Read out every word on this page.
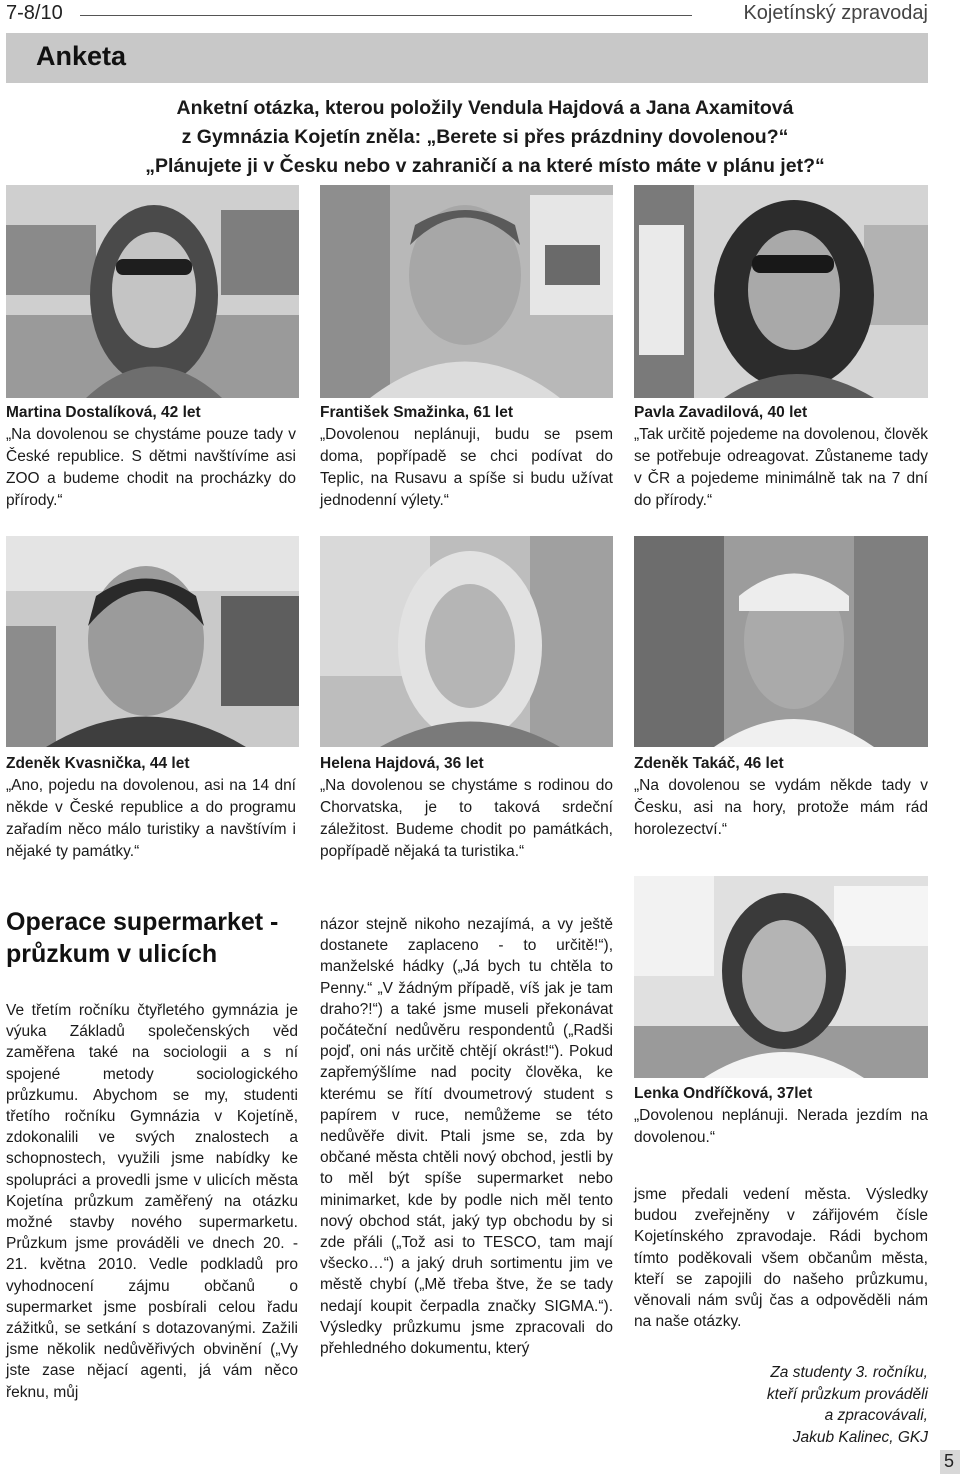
7-8/10	Kojetínský zpravodaj
Anketa
Anketní otázka, kterou položily Vendula Hajdová a Jana Axamitová
z Gymnázia Kojetín zněla: „Berete si přes prázdniny dovolenou?“
„Plánujete ji v Česku nebo v zahraničí a na které místo máte v plánu jet?“
Martina Dostalíková, 42 let
„Na dovolenou se chystáme pouze tady v České republice. S dětmi navštívíme asi ZOO a budeme chodit na procházky do přírody.“
František Smažinka, 61 let
„Dovolenou neplánuji, budu se psem doma, popřípadě se chci podívat do Teplic, na Rusavu a spíše si budu užívat jednodenní výlety.“
Pavla Zavadilová, 40 let
„Tak určitě pojedeme na dovolenou, člověk se potřebuje odreagovat. Zůstaneme tady v ČR a pojedeme minimálně tak na 7 dní do přírody.“
Zdeněk Kvasnička, 44 let
„Ano, pojedu na dovolenou, asi na 14 dní někde v České republice a do programu zařadím něco málo turistiky a navštívím i nějaké ty památky.“
Helena Hajdová, 36 let
„Na dovolenou se chystáme s rodinou do Chorvatska, je to taková srdeční záležitost. Budeme chodit po památkách, popřípadě nějaká ta turistika.“
Zdeněk Takáč, 46 let
„Na dovolenou se vydám někde tady v Česku, asi na hory, protože mám rád horolezectví.“
Lenka Ondříčková, 37let
„Dovolenou neplánuji. Nerada jezdím na dovolenou.“
Operace supermarket - průzkum v ulicích
Ve třetím ročníku čtyřletého gymnázia je výuka Základů společenských věd zaměřena také na sociologii a s ní spojené metody sociologického průzkumu. Abychom se my, studenti třetího ročníku Gymnázia v Kojetíně, zdokonalili ve svých znalostech a schopnostech, využili jsme nabídky ke spolupráci a provedli jsme v ulicích města Kojetína průzkum zaměřený na otázku možné stavby nového supermarketu. Průzkum jsme prováděli ve dnech 20. - 21. května 2010. Vedle podkladů pro vyhodnocení zájmu občanů o supermarket jsme posbírali celou řadu zážitků, se setkání s dotazovanými. Zažili jsme několik nedůvěřivých obvinění („Vy jste zase nějací agenti, já vám něco řeknu, můj
názor stejně nikoho nezajímá, a vy ještě dostanete zaplaceno - to určitě!“), manželské hádky („Já bych tu chtěla to Penny.“ „V žádným případě, víš jak je tam draho?!“) a také jsme museli překonávat počáteční nedůvěru respondentů („Radši pojď, oni nás určitě chtějí okrást!“). Pokud zapřemýšlíme nad pocity člověka, ke kterému se řítí dvoumetrový student s papírem v ruce, nemůžeme se této nedůvěře divit. Ptali jsme se, zda by občané města chtěli nový obchod, jestli by to měl být spíše supermarket nebo minimarket, kde by podle nich měl tento nový obchod stát, jaký typ obchodu by si zde přáli („Tož asi to TESCO, tam mají všecko…“) a jaký druh sortimentu jim ve městě chybí („Mě třeba štve, že se tady nedají koupit čerpadla značky SIGMA.“). Výsledky průzkumu jsme zpracovali do přehledného dokumentu, který
jsme předali vedení města. Výsledky budou zveřejněny v zářijovém čísle Kojetínského zpravodaje. Rádi bychom tímto poděkovali všem občanům města, kteří se zapojili do našeho průzkumu, věnovali nám svůj čas a odpověděli nám na naše otázky.
Za studenty 3. ročníku,
kteří průzkum prováděli
a zpracovávali,
Jakub Kalinec, GKJ
5
